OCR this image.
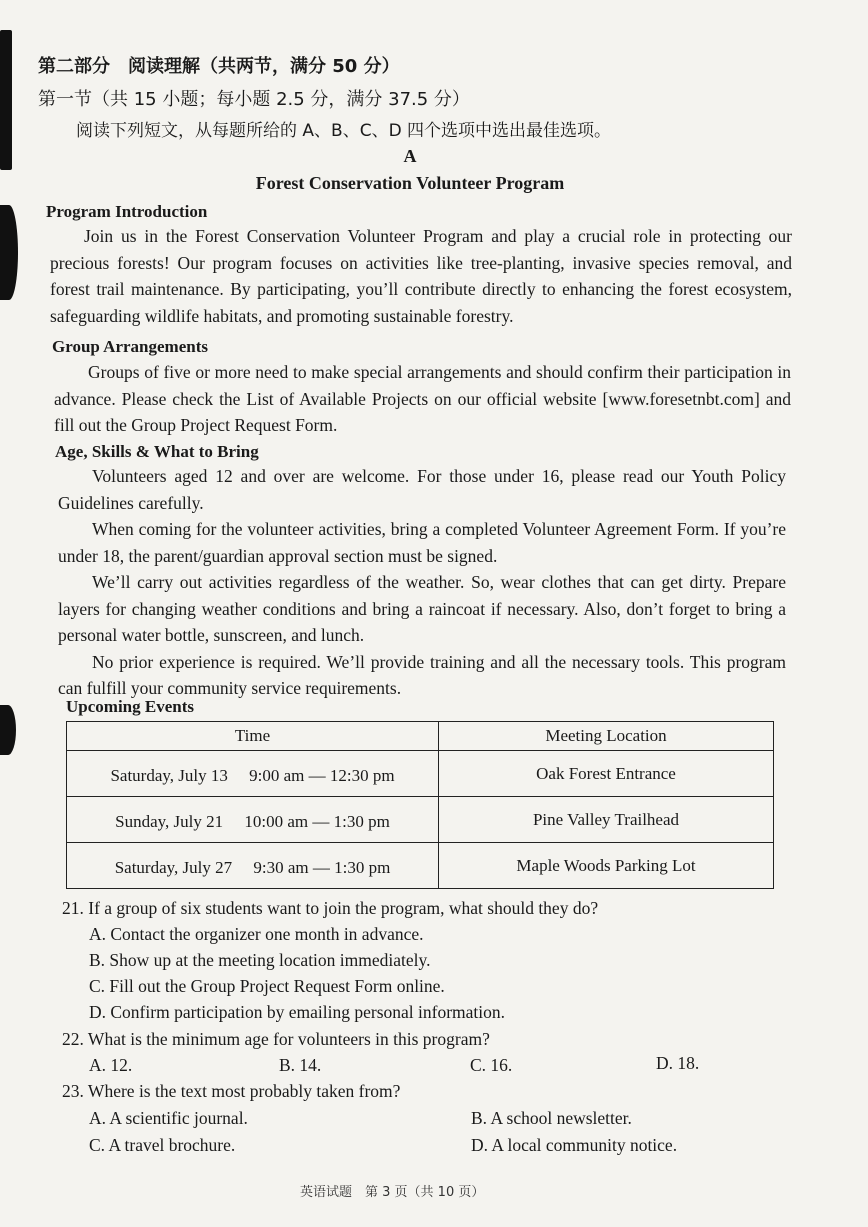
第二部分　阅读理解（共两节，满分 50 分）
第一节（共 15 小题；每小题 2.5 分，满分 37.5 分）
阅读下列短文，从每题所给的 A、B、C、D 四个选项中选出最佳选项。
A
Forest Conservation Volunteer Program
Program Introduction

Join us in the Forest Conservation Volunteer Program and play a crucial role in protecting our precious forests! Our program focuses on activities like tree-planting, invasive species removal, and forest trail maintenance. By participating, you’ll contribute directly to enhancing the forest ecosystem, safeguarding wildlife habitats, and promoting sustainable forestry.

Group Arrangements

Groups of five or more need to make special arrangements and should confirm their participation in advance. Please check the List of Available Projects on our official website [www.foresetnbt.com] and fill out the Group Project Request Form.

Age, Skills & What to Bring

Volunteers aged 12 and over are welcome. For those under 16, please read our Youth Policy Guidelines carefully.

When coming for the volunteer activities, bring a completed Volunteer Agreement Form. If you’re under 18, the parent/guardian approval section must be signed.

We’ll carry out activities regardless of the weather. So, wear clothes that can get dirty. Prepare layers for changing weather conditions and bring a raincoat if necessary. Also, don’t forget to bring a personal water bottle, sunscreen, and lunch.

No prior experience is required. We’ll provide training and all the necessary tools. This program can fulfill your community service requirements.

Upcoming Events
Time	Meeting Location
Saturday, July 13　 9:00 am — 12:30 pm	Oak Forest Entrance
Sunday, July 21　 10:00 am — 1:30 pm	Pine Valley Trailhead
Saturday, July 27　 9:30 am — 1:30 pm	Maple Woods Parking Lot
21. If a group of six students want to join the program, what should they do?
A. Contact the organizer one month in advance.
B. Show up at the meeting location immediately.
C. Fill out the Group Project Request Form online.
D. Confirm participation by emailing personal information.
22. What is the minimum age for volunteers in this program?
A. 12.	B. 14.	C. 16.	D. 18.
23. Where is the text most probably taken from?
A. A scientific journal.	B. A school newsletter.
C. A travel brochure.	D. A local community notice.
英语试题　第 3 页（共 10 页）
